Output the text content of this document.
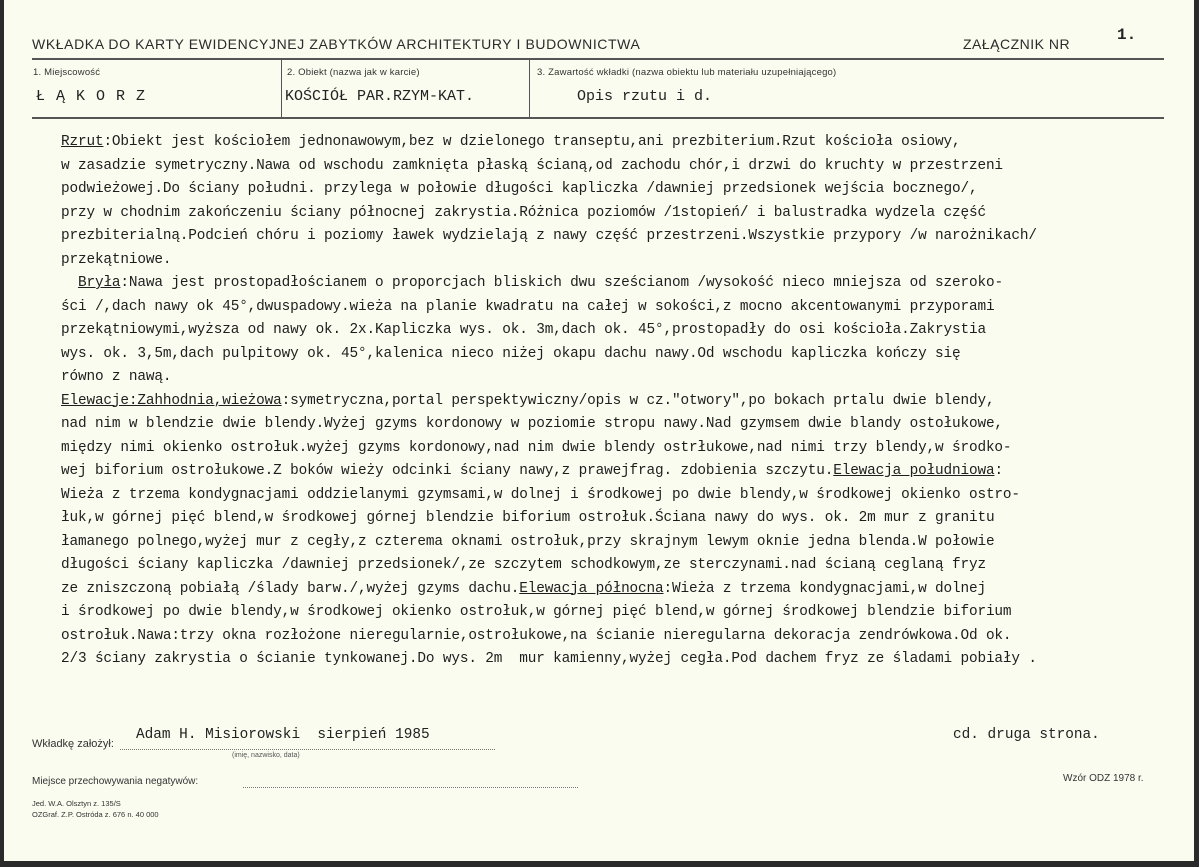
WKŁADKA DO KARTY EWIDENCYJNEJ ZABYTKÓW ARCHITEKTURY I BUDOWNICTWA	ZAŁĄCZNIK NR	1.
1. Miejscowość
Ł Ą K O R Z
2. Obiekt (nazwa jak w karcie)
KOŚCIÓŁ PAR.RZYM-KAT.
3. Zawartość wkładki (nazwa obiektu lub materiału uzupełniającego)
Opis rzutu i d.
Rzrut:Obiekt jest kościołem jednonawowym,bez w dzielonego transeptu,ani prezbiterium.Rzut kościoła osiowy,
w zasadzie symetryczny.Nawa od wschodu zamknięta płaską ścianą,od zachodu chór,i drzwi do kruchty w przestrzeni
podwieżowej.Do ściany południ. przylega w połowie długości kapliczka /dawniej przedsionek wejścia bocznego/,
przy w chodnim zakończeniu ściany północnej zakrystia.Różnica poziomów /1stopień/ i balustradka wydzela część
prezbiterialną.Podcień chóru i poziomy ławek wydzielają z nawy część przestrzeni.Wszystkie przypory /w narożnikach/
przekątniowe.
Bryła:Nawa jest prostopadłościanem o proporcjach bliskich dwu sześcianom /wysokość nieco mniejsza od szeroko-
ści /,dach nawy ok 45°,dwuspadowy.wieża na planie kwadratu na całej w sokości,z mocno akcentowanymi przyporami
przekątniowymi,wyższa od nawy ok. 2x.Kapliczka wys. ok. 3m,dach ok. 45°,prostopadły do osi kościoła.Zakrystia
wys. ok. 3,5m,dach pulpitowy ok. 45°,kalenica nieco niżej okapu dachu nawy.Od wschodu kapliczka kończy się
równo z nawą.
Elewacje:Zahhodnia,wieżowa:symetryczna,portal perspektywiczny/opis w cz."otwory",po bokach prtalu dwie blendy,
nad nim w blendzie dwie blendy.Wyżej gzyms kordonowy w poziomie stropu nawy.Nad gzymsem dwie blandy ostołukowe,
między nimi okienko ostrołuk.wyżej gzyms kordonowy,nad nim dwie blendy ostrłukowe,nad nimi trzy blendy,w środko-
wej biforium ostrołukowe.Z boków wieży odcinki ściany nawy,z prawejfrag. zdobienia szczytu.Elewacja południowa:
Wieża z trzema kondygnacjami oddzielanymi gzymsami,w dolnej i środkowej po dwie blendy,w środkowej okienko ostro-
łuk,w górnej pięć blend,w środkowej górnej blendzie biforium ostrołuk.Ściana nawy do wys. ok. 2m mur z granitu
łamanego polnego,wyżej mur z cegły,z czterema oknami ostrołuk,przy skrajnym lewym oknie jedna blenda.W połowie
długości ściany kapliczka /dawniej przedsionek/,ze szczytem schodkowym,ze sterczynami.nad ścianą ceglaną fryz
ze zniszczoną pobiałą /ślady barw./,wyżej gzyms dachu.Elewacja północna:Wieża z trzema kondygnacjami,w dolnej
i środkowej po dwie blendy,w środkowej okienko ostrołuk,w górnej pięć blend,w górnej środkowej blendzie biforium
ostrołuk.Nawa:trzy okna rozłożone nieregularnie,ostrołukowe,na ścianie nieregularna dekoracja zendrówkowa.Od ok.
2/3 ściany zakrystia o ścianie tynkowanej.Do wys. 2m  mur kamienny,wyżej cegła.Pod dachem fryz ze śladami pobiały .
Wkładkę założył:
Adam H. Misiorowski  sierpień 1985
(imię, nazwisko, data)
cd. druga strona.
Miejsce przechowywania negatywów:	Wzór ODZ 1978 r.
Jed. W.A. Olsztyn z. 135/S
OZGraf. Z.P. Ostróda z. 676 n. 40 000
